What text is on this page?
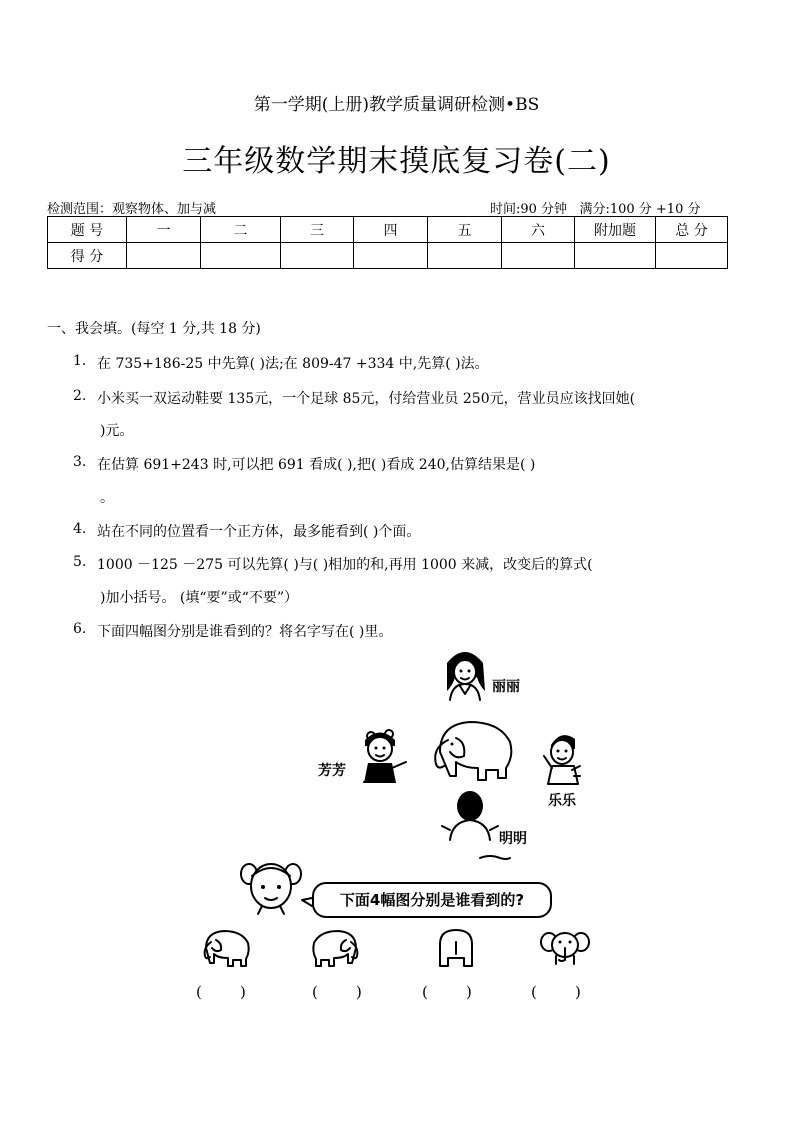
第一学期(上册)教学质量调研检测•BS
三年级数学期末摸底复习卷(二)
检测范围：观察物体、加与减	时间:90 分钟   满分:100 分 +10 分
题 号	一	二	三	四	五	六	附加题	总 分
得 分								
一、我会填。(每空 1 分,共 18 分)
1. 在 735+186-25 中先算( )法;在 809-47 +334 中,先算( )法。
2. 小米买一双运动鞋要 135元，一个足球 85元，付给营业员 250元，营业员应该找回她(
)元。
3. 在估算 691+243 时,可以把 691 看成( ),把( )看成 240,估算结果是( )
。
4. 站在不同的位置看一个正方体，最多能看到( )个面。
5. 1000 －125 －275 可以先算( )与( )相加的和,再用 1000 来减，改变后的算式(
)加小括号。 (填“要”或“不要”）
6. 下面四幅图分别是谁看到的？将名字写在( )里。
丽丽
芳芳
乐乐
明明
下面4幅图分别是谁看到的?
(        )	(        )	(        )	(        )
